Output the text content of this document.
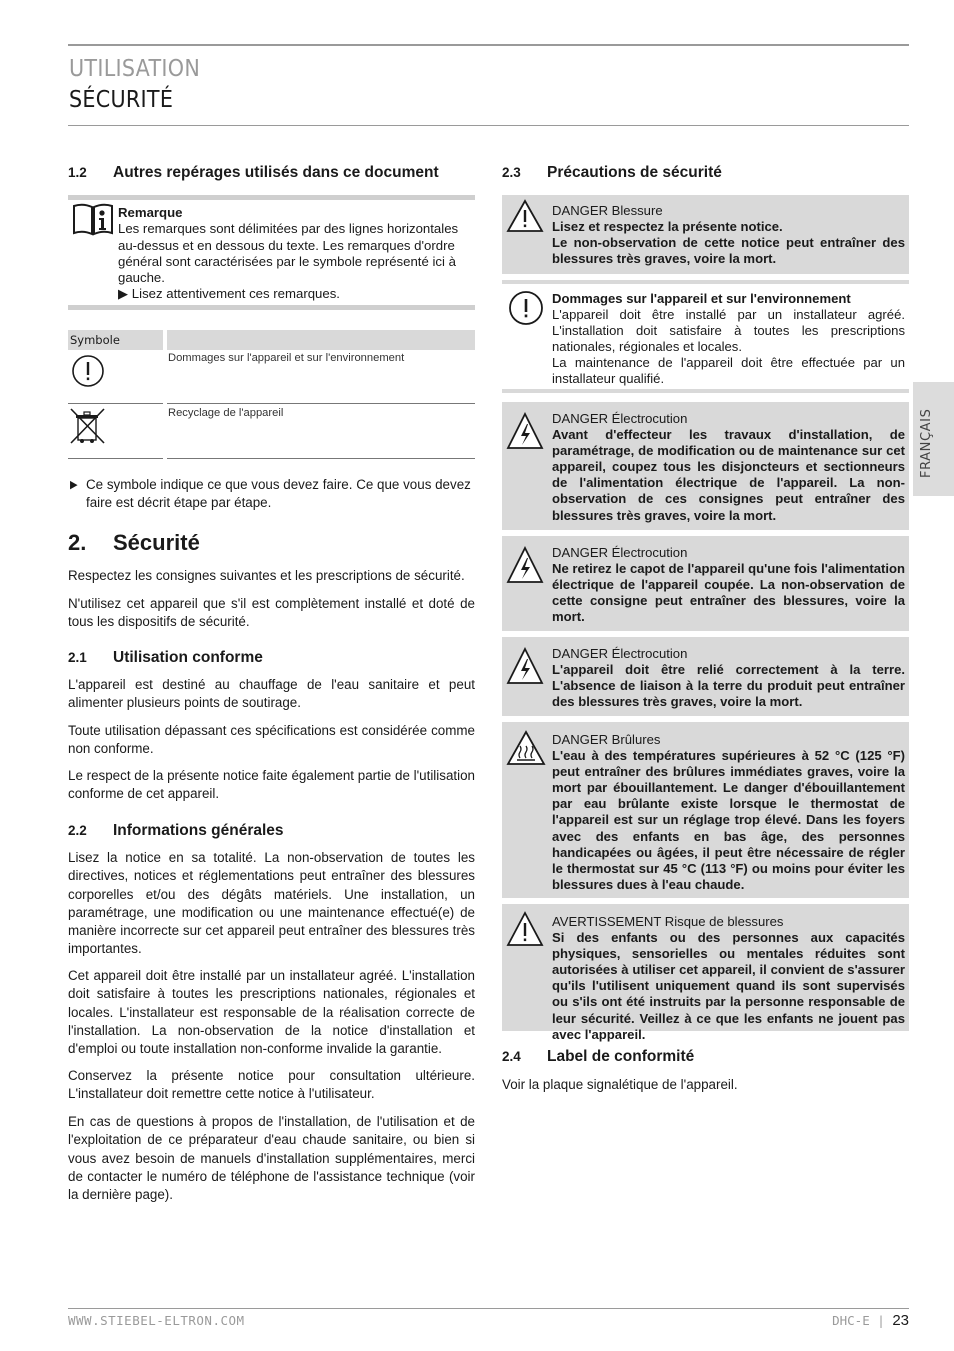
UTILISATION
SÉCURITÉ
FRANÇAIS
1.2 Autres repérages utilisés dans ce document
Remarque
Les remarques sont délimitées par des lignes horizontales au-dessus et en dessous du texte. Les remarques d'ordre général sont caractérisées par le symbole représenté ici à gauche.
▶ Lisez attentivement ces remarques.
Symbole
Dommages sur l'appareil et sur l'environnement
Recyclage de l'appareil
▶ Ce symbole indique ce que vous devez faire. Ce que vous devez faire est décrit étape par étape.
2. Sécurité
Respectez les consignes suivantes et les prescriptions de sécurité.
N'utilisez cet appareil que s'il est complètement installé et doté de tous les dispositifs de sécurité.
2.1 Utilisation conforme
L'appareil est destiné au chauffage de l'eau sanitaire et peut alimenter plusieurs points de soutirage.
Toute utilisation dépassant ces spécifications est considérée comme non conforme.
Le respect de la présente notice faite également partie de l'utilisation conforme de cet appareil.
2.2 Informations générales
Lisez la notice en sa totalité. La non-observation de toutes les directives, notices et réglementations peut entraîner des blessures corporelles et/ou des dégâts matériels. Une installation, un paramétrage, une modification ou une maintenance effectué(e) de manière incorrecte sur cet appareil peut entraîner des blessures très importantes.
Cet appareil doit être installé par un installateur agréé. L'installation doit satisfaire à toutes les prescriptions nationales, régionales et locales. L'installateur est responsable de la réalisation correcte de l'installation. La non-observation de la notice d'installation et d'emploi ou toute installation non-conforme invalide la garantie.
Conservez la présente notice pour consultation ultérieure. L'installateur doit remettre cette notice à l'utilisateur.
En cas de questions à propos de l'installation, de l'utilisation et de l'exploitation de ce préparateur d'eau chaude sanitaire, ou bien si vous avez besoin de manuels d'installation supplémentaires, merci de contacter le numéro de téléphone de l'assistance technique (voir la dernière page).
2.3 Précautions de sécurité
DANGER Blessure
Lisez et respectez la présente notice.
Le non-observation de cette notice peut entraîner des blessures très graves, voire la mort.
Dommages sur l'appareil et sur l'environnement
L'appareil doit être installé par un installateur agréé. L'installation doit satisfaire à toutes les prescriptions nationales, régionales et locales.
La maintenance de l'appareil doit être effectuée par un installateur qualifié.
DANGER Électrocution
Avant d'effecteur les travaux d'installation, de paramétrage, de modification ou de maintenance sur cet appareil, coupez tous les disjoncteurs et sectionneurs de l'alimentation électrique de l'appareil. La non-observation de ces consignes peut entraîner des blessures très graves, voire la mort.
DANGER Électrocution
Ne retirez le capot de l'appareil qu'une fois l'alimentation électrique de l'appareil coupée. La non-observation de cette consigne peut entraîner des blessures, voire la mort.
DANGER Électrocution
L'appareil doit être relié correctement à la terre. L'absence de liaison à la terre du produit peut entraîner des blessures très graves, voire la mort.
DANGER Brûlures
L'eau à des températures supérieures à 52 °C (125 °F) peut entraîner des brûlures immédiates graves, voire la mort par ébouillantement. Le danger d'ébouillantement par eau brûlante existe lorsque le thermostat de l'appareil est sur un réglage trop élevé. Dans les foyers avec des enfants en bas âge, des personnes handicapées ou âgées, il peut être nécessaire de régler le thermostat sur 45 °C (113 °F) ou moins pour éviter les blessures dues à l'eau chaude.
AVERTISSEMENT Risque de blessures
Si des enfants ou des personnes aux capacités physiques, sensorielles ou mentales réduites sont autorisées à utiliser cet appareil, il convient de s'assurer qu'ils l'utilisent uniquement quand ils sont supervisés ou s'ils ont été instruits par la personne responsable de leur sécurité. Veillez à ce que les enfants ne jouent pas avec l'appareil.
2.4 Label de conformité
Voir la plaque signalétique de l'appareil.
WWW.STIEBEL-ELTRON.COM	DHC-E | 23
